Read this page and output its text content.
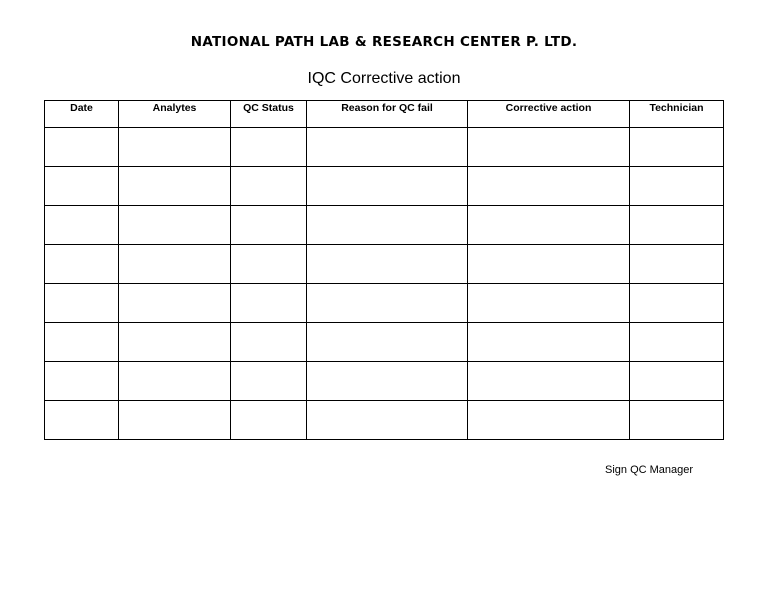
NATIONAL PATH LAB & RESEARCH CENTER P. LTD.
IQC Corrective action
Date	Analytes	QC Status	Reason for QC fail	Corrective action	Technician

Sign QC Manager
